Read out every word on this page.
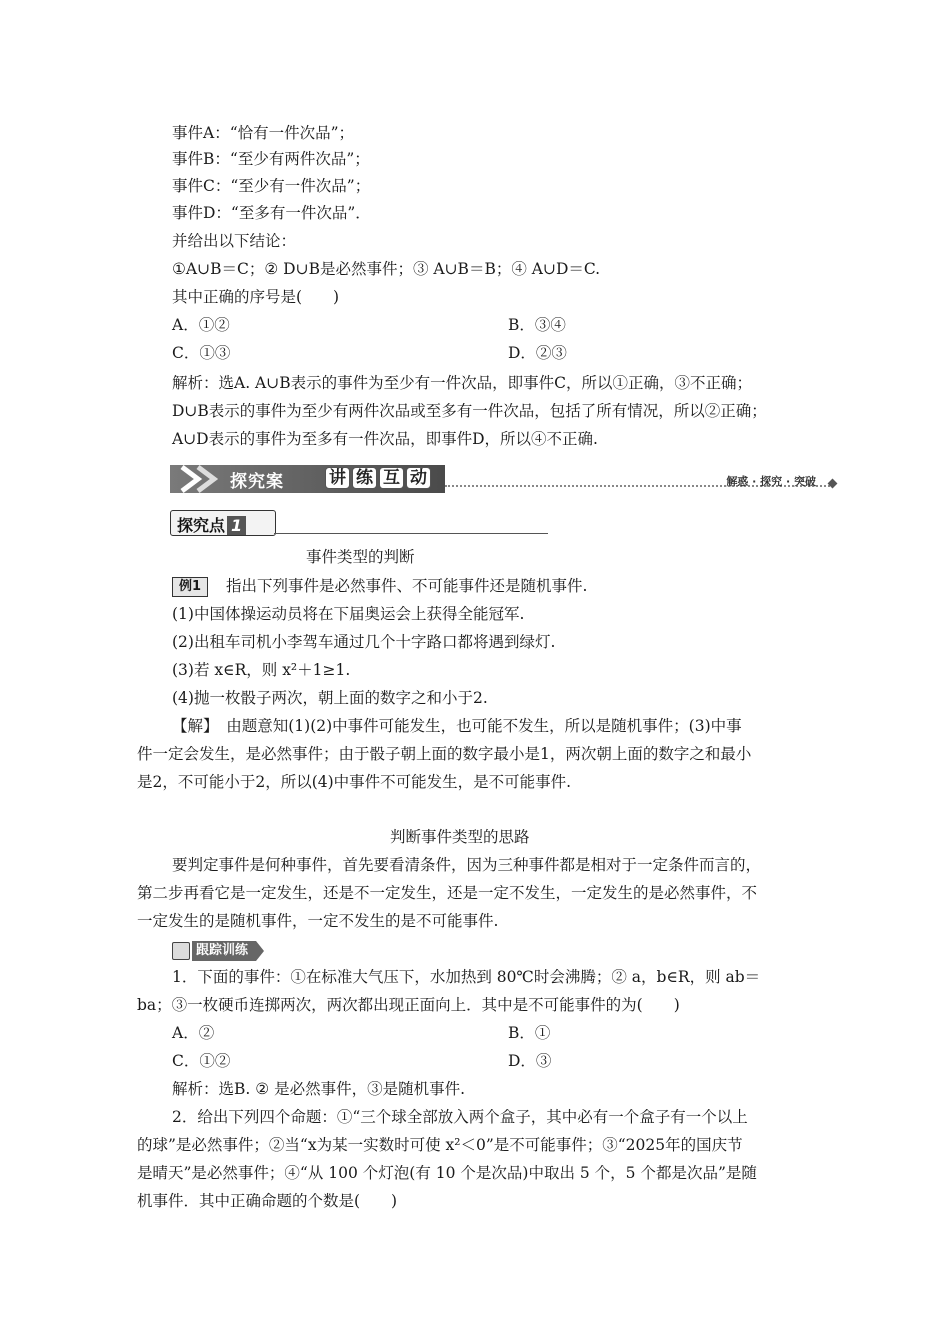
事件A：“恰有一件次品”；
事件B：“至少有两件次品”；
事件C：“至少有一件次品”；
事件D：“至多有一件次品”．
并给出以下结论：
①A∪B＝C；② D∪B是必然事件；③ A∪B＝B；④ A∪D＝C.
其中正确的序号是(　　)
A．①②	B．③④
C．①③	D．②③
解析：选A. A∪B表示的事件为至少有一件次品，即事件C，所以①正确，③不正确；
D∪B表示的事件为至少有两件次品或至多有一件次品，包括了所有情况，所以②正确；
A∪D表示的事件为至多有一件次品，即事件D，所以④不正确.
探究案	讲 练 互 动	解惑 · 探究 · 突破
探究点 1
事件类型的判断
例1	指出下列事件是必然事件、不可能事件还是随机事件.
(1)中国体操运动员将在下届奥运会上获得全能冠军.
(2)出租车司机小李驾车通过几个十字路口都将遇到绿灯.
(3)若 x∈R，则 x²＋1≥1.
(4)抛一枚骰子两次，朝上面的数字之和小于2.
【解】　由题意知(1)(2)中事件可能发生，也可能不发生，所以是随机事件；(3)中事
件一定会发生，是必然事件；由于骰子朝上面的数字最小是1，两次朝上面的数字之和最小
是2，不可能小于2，所以(4)中事件不可能发生，是不可能事件.
判断事件类型的思路
要判定事件是何种事件，首先要看清条件，因为三种事件都是相对于一定条件而言的，
第二步再看它是一定发生，还是不一定发生，还是一定不发生，一定发生的是必然事件，不
一定发生的是随机事件，一定不发生的是不可能事件.
跟踪训练
1．下面的事件：①在标准大气压下，水加热到 80℃时会沸腾；② a，b∈R，则 ab＝
ba；③一枚硬币连掷两次，两次都出现正面向上．其中是不可能事件的为(　　)
A．②	B．①
C．①②	D．③
解析：选B. ② 是必然事件，③是随机事件.
2．给出下列四个命题：①“三个球全部放入两个盒子，其中必有一个盒子有一个以上
的球”是必然事件；②当“x为某一实数时可使 x²＜0”是不可能事件；③“2025年的国庆节
是晴天”是必然事件；④“从 100 个灯泡(有 10 个是次品)中取出 5 个，5 个都是次品”是随
机事件．其中正确命题的个数是(　　)
